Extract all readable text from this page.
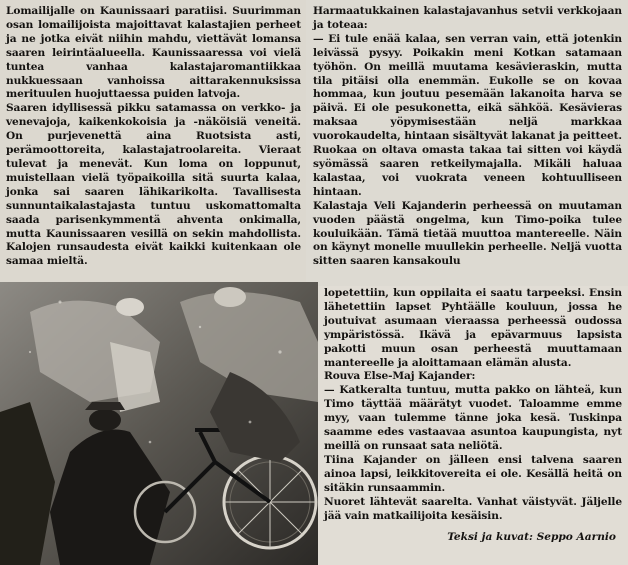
Lomailijalle on Kaunissaari paratiisi. Suurimman osan lomailijoista majoittavat kalastajien perheet ja ne jotka eivät niihin mahdu, viettävät lomansa saaren leirintäalueella. Kaunissaaressa voi vielä tuntea vanhaa kalastajaromantiikkaa nukkuessaan vanhoissa aittarakennuksissa merituulen huojuttaessa puiden latvoja.
Saaren idyllisessä pikku satamassa on verkko- ja venevajoja, kaikenkokoisia ja -näköisiä veneitä. On purjevenettä aina Ruotsista asti, perämoottoreita, kalastajatroolareita. Vieraat tulevat ja menevät. Kun loma on loppunut, muistellaan vielä työpaikoilla sitä suurta kalaa, jonka sai saaren lähikarikolta. Tavallisesta sunnuntaikalastajasta tuntuu uskomattomalta saada parisenkymmentä ahventa onkimalla, mutta Kaunissaaren vesillä on sekin mahdollista. Kalojen runsaudesta eivät kaikki kuitenkaan ole samaa mieltä.

Harmaatukkainen kalastajavanhus setvii verkkojaan ja toteaa:
— Ei tule enää kalaa, sen verran vain, että jotenkin leivässä pysyy. Poikakin meni Kotkan satamaan työhön. On meillä muutama kesävieraskin, mutta tila pitäisi olla enemmän. Eukolle se on kovaa hommaa, kun joutuu pesemään lakanoita harva se päivä. Ei ole pesukonetta, eikä sähköä. Kesävieras maksaa yöpymisestään neljä markkaa vuorokaudelta, hintaan sisältyvät lakanat ja peitteet. Ruokaa on oltava omasta takaa tai sitten voi käydä syömässä saaren retkeilymajalla. Mikäli haluaa kalastaa, voi vuokrata veneen kohtuulliseen hintaan.
Kalastaja Veli Kajanderin perheessä on muutaman vuoden päästä ongelma, kun Timo-poika tulee kouluikään. Tämä tietää muuttoa mantereelle. Näin on käynyt monelle muullekin perheelle. Neljä vuotta sitten saaren kansakoulu

lopetettiin, kun oppilaita ei saatu tarpeeksi. Ensin lähetettiin lapset Pyhtäälle kouluun, jossa he joutuivat asumaan vieraassa perheessä oudossa ympäristössä. Ikävä ja epävarmuus lapsista pakotti muun osan perheestä muuttamaan mantereelle ja aloittamaan elämän alusta.
Rouva Else-Maj Kajander:
— Katkeralta tuntuu, mutta pakko on lähteä, kun Timo täyttää määrätyt vuodet. Taloamme emme myy, vaan tulemme tänne joka kesä. Tuskinpa saamme edes vastaavaa asuntoa kaupungista, nyt meillä on runsaat sata neliötä.
Tiina Kajander on jälleen ensi talvena saaren ainoa lapsi, leikkitovereita ei ole. Kesällä heitä on sitäkin runsaammin.
Nuoret lähtevät saarelta. Vanhat väistyvät. Jäljelle jää vain matkailijoita kesäisin.

Teksi ja kuvat: Seppo Aarnio
